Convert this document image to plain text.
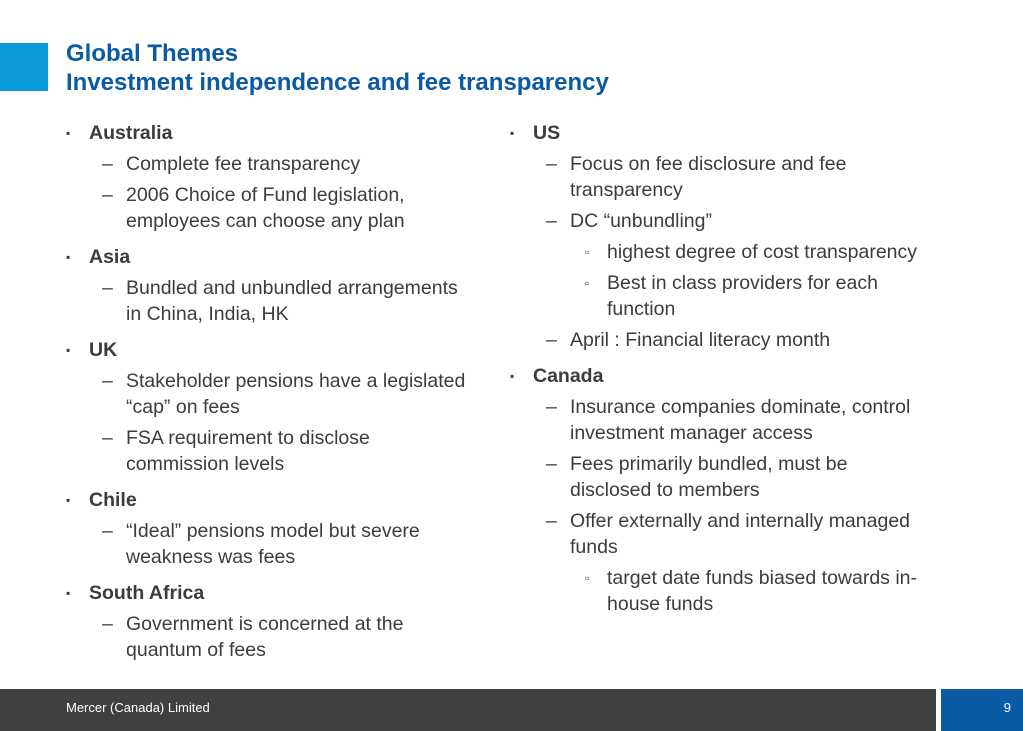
Global Themes
Investment independence and fee transparency
▪ Australia
– Complete fee transparency
– 2006 Choice of Fund legislation, employees can choose any plan
▪ Asia
– Bundled and unbundled arrangements in China, India, HK
▪ UK
– Stakeholder pensions have a legislated “cap” on fees
– FSA requirement to disclose commission levels
▪ Chile
– “Ideal” pensions model but severe weakness was fees
▪ South Africa
– Government is concerned at the quantum of fees
▪ US
– Focus on fee disclosure and fee transparency
– DC “unbundling”
▫ highest degree of cost transparency
▫ Best in class providers for each function
– April : Financial literacy month
▪ Canada
– Insurance companies dominate, control investment manager access
– Fees primarily bundled, must be disclosed to members
– Offer externally and internally managed funds
▫ target date funds biased towards in-house funds
Mercer (Canada) Limited	9
